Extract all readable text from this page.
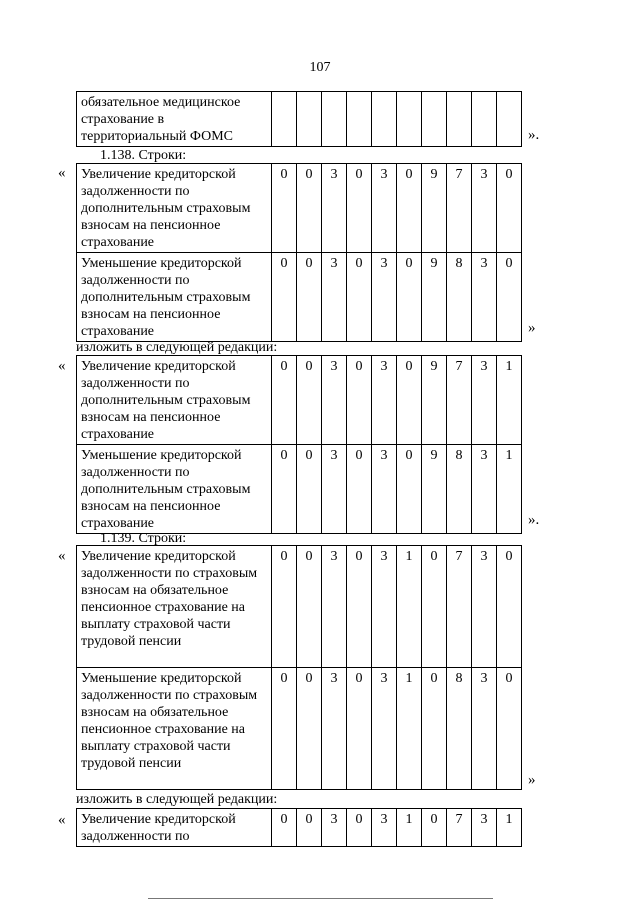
107
обязательное медицинское страхование в территориальный ФОМС											».
1.138. Строки:
« Увеличение кредиторской задолженности по дополнительным страховым взносам на пенсионное страхование	0	0	3	0	3	0	9	7	3	0
Уменьшение кредиторской задолженности по дополнительным страховым взносам на пенсионное страхование	0	0	3	0	3	0	9	8	3	0
»
изложить в следующей редакции:
« Увеличение кредиторской задолженности по дополнительным страховым взносам на пенсионное страхование	0	0	3	0	3	0	9	7	3	1
Уменьшение кредиторской задолженности по дополнительным страховым взносам на пенсионное страхование	0	0	3	0	3	0	9	8	3	1
».
1.139. Строки:
« Увеличение кредиторской задолженности по страховым взносам на обязательное пенсионное страхование на выплату страховой части трудовой пенсии	0	0	3	0	3	1	0	7	3	0
Уменьшение кредиторской задолженности по страховым взносам на обязательное пенсионное страхование на выплату страховой части трудовой пенсии	0	0	3	0	3	1	0	8	3	0
»
изложить в следующей редакции:
« Увеличение кредиторской задолженности по	0	0	3	0	3	1	0	7	3	1
